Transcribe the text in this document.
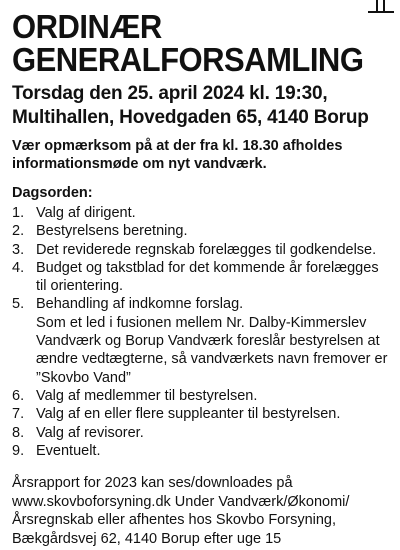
ORDINÆR
GENERALFORSAMLING
Torsdag den 25. april 2024 kl. 19:30,
Multihallen, Hovedgaden 65, 4140 Borup
Vær opmærksom på at der fra kl. 18.30 afholdes informationsmøde om nyt vandværk.
Dagsorden:
1. Valg af dirigent.
2. Bestyrelsens beretning.
3. Det reviderede regnskab forelægges til godkendelse.
4. Budget og takstblad for det kommende år forelægges til orientering.
5. Behandling af indkomne forslag.
Som et led i fusionen mellem Nr. Dalby-Kimmerslev Vandværk og Borup Vandværk foreslår bestyrelsen at ændre vedtægterne, så vandværkets navn fremover er ”Skovbo Vand”
6. Valg af medlemmer til bestyrelsen.
7. Valg af en eller flere suppleanter til bestyrelsen.
8. Valg af revisorer.
9. Eventuelt.
Årsrapport for 2023 kan ses/downloades på
www.skovboforsyning.dk Under Vandværk/Økonomi/
Årsregnskab eller afhentes hos Skovbo Forsyning,
Bækgårdsvej 62, 4140 Borup efter uge 15
